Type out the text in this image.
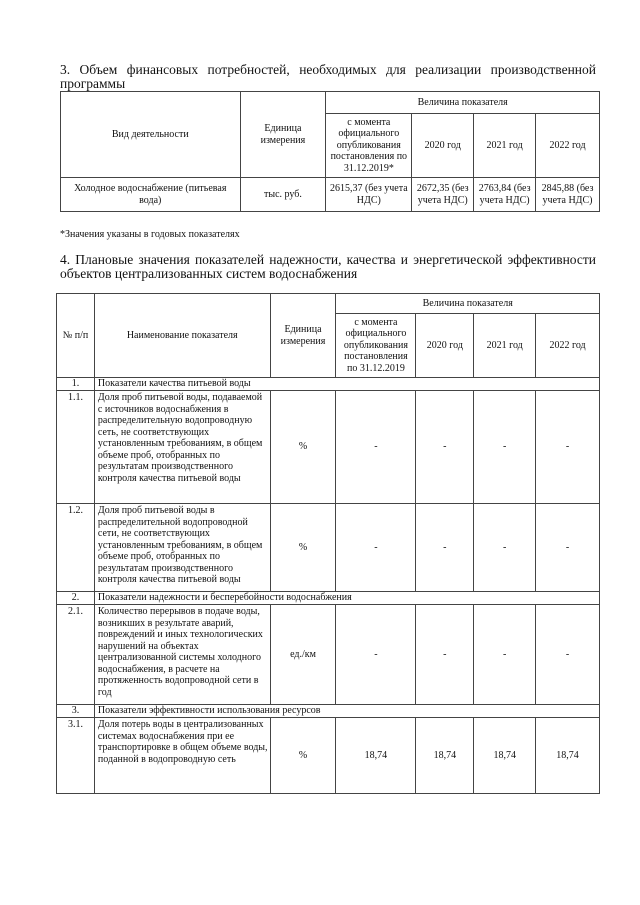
3. Объем финансовых потребностей, необходимых для реализации производственной программы
Вид деятельности	Единица измерения	Величина показателя			
		с момента официального опубликования постановления по 31.12.2019*	2020 год	2021 год	2022 год
Холодное водоснабжение (питьевая вода)	тыс. руб.	2615,37 (без учета НДС)	2672,35 (без учета НДС)	2763,84 (без учета НДС)	2845,88 (без учета НДС)
*Значения указаны в годовых показателях
4. Плановые значения показателей надежности, качества и энергетической эффективности объектов централизованных систем водоснабжения
№ п/п	Наименование показателя	Единица измерения	Величина показателя			
			с момента официального опубликования постановления по 31.12.2019	2020 год	2021 год	2022 год
1.	Показатели качества питьевой воды					
1.1.	Доля проб питьевой воды, подаваемой с источников водоснабжения в распределительную водопроводную сеть, не соответствующих установленным требованиям, в общем объеме проб, отобранных по результатам производственного контроля качества питьевой воды	%	-	-	-	-
1.2.	Доля проб питьевой воды в распределительной водопроводной сети, не соответствующих установленным требованиям, в общем объеме проб, отобранных по результатам производственного контроля качества питьевой воды	%	-	-	-	-
2.	Показатели надежности и бесперебойности водоснабжения					
2.1.	Количество перерывов в подаче воды, возникших в результате аварий, повреждений и иных технологических нарушений на объектах централизованной системы холодного водоснабжения, в расчете на протяженность водопроводной сети в год	ед./км	-	-	-	-
3.	Показатели эффективности использования ресурсов					
3.1.	Доля потерь воды в централизованных системах водоснабжения при ее транспортировке в общем объеме воды, поданной в водопроводную сеть	%	18,74	18,74	18,74	18,74
